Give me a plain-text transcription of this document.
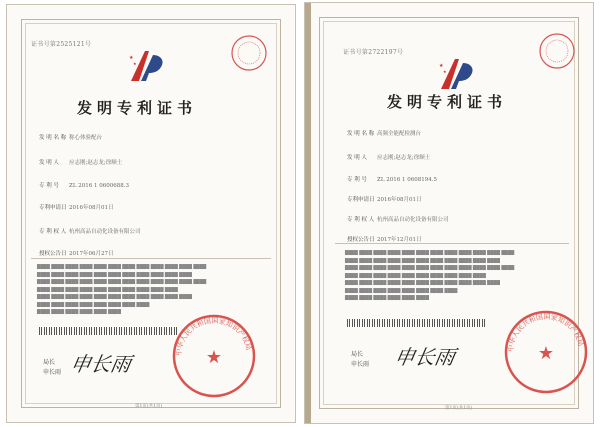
证书号第2525121号
★
★
发明专利证书
发 明 名 称 称心体验配台
发 明 人 应志刚;赵志龙;徐顺士
专 利 号 ZL 2016 1 0600688.3
专利申请日 2016年08月01日
专 利 权 人 杭州高品自动化设备有限公司
授权公告日 2017年06月27日
████ ████ ████ ████ ████ ████ ████ ████ ████ ████ ████ ████
████ ████ ████ ████ ████ ████ ████ ████ ████ ████ ████
████ ████ ████ ████ ████ ████ ████ ████ ████ ████ ████ ████
████ ████ ████ ████ ████ ████ ████ ████ ████ ████
████ ████ ████ ████ ████ ████ ████ ████ ████ ████ ████
████ ████ ████ ████ ████ ████ ████ ████
████ ████ ████ ████ ████ ████
局长
申长雨 申长雨	★
中华人民共和国国家知识产权局
第1页(共1页)
证书号第2722197号
★
★
发明专利证书
发 明 名 称 高频全能配检测台
发 明 人 应志刚;赵志龙;徐顺士
专 利 号 ZL 2016 1 0608194.5
专利申请日 2016年08月01日
专 利 权 人 杭州高品自动化设备有限公司
授权公告日 2017年12月01日
████ ████ ████ ████ ████ ████ ████ ████ ████ ████ ████ ████
████ ████ ████ ████ ████ ████ ████ ████ ████ ████ ████
████ ████ ████ ████ ████ ████ ████ ████ ████ ████ ████ ████
████ ████ ████ ████ ████ ████ ████ ████ ████ ████
████ ████ ████ ████ ████ ████ ████ ████ ████ ████ ████
████ ████ ████ ████ ████ ████ ████ ████
████ ████ ████ ████ ████ ████
局长
申长雨 申长雨	★
中华人民共和国国家知识产权局
第1页(共1页)
